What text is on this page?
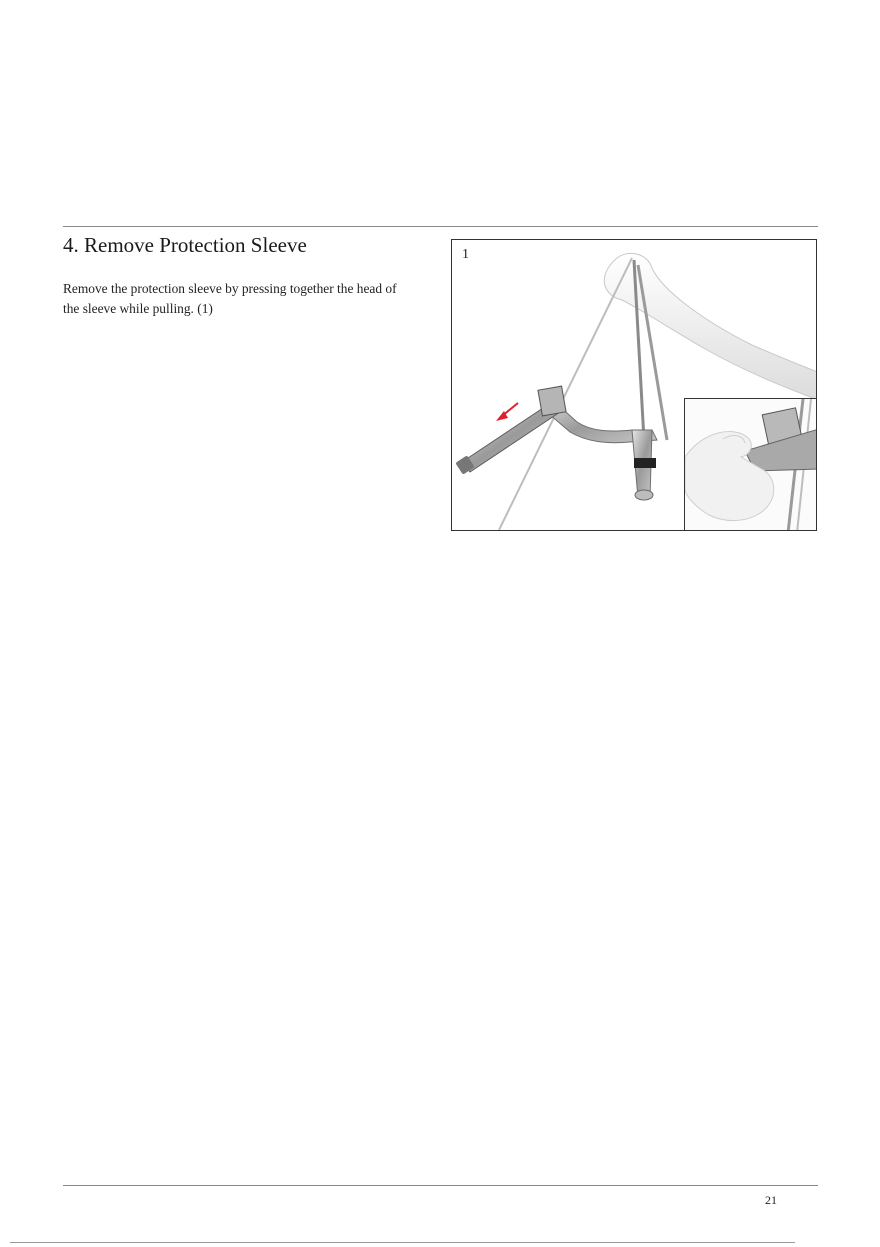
4. Remove Protection Sleeve

Remove the protection sleeve by pressing together the head of the sleeve while pulling. (1)

1
21
